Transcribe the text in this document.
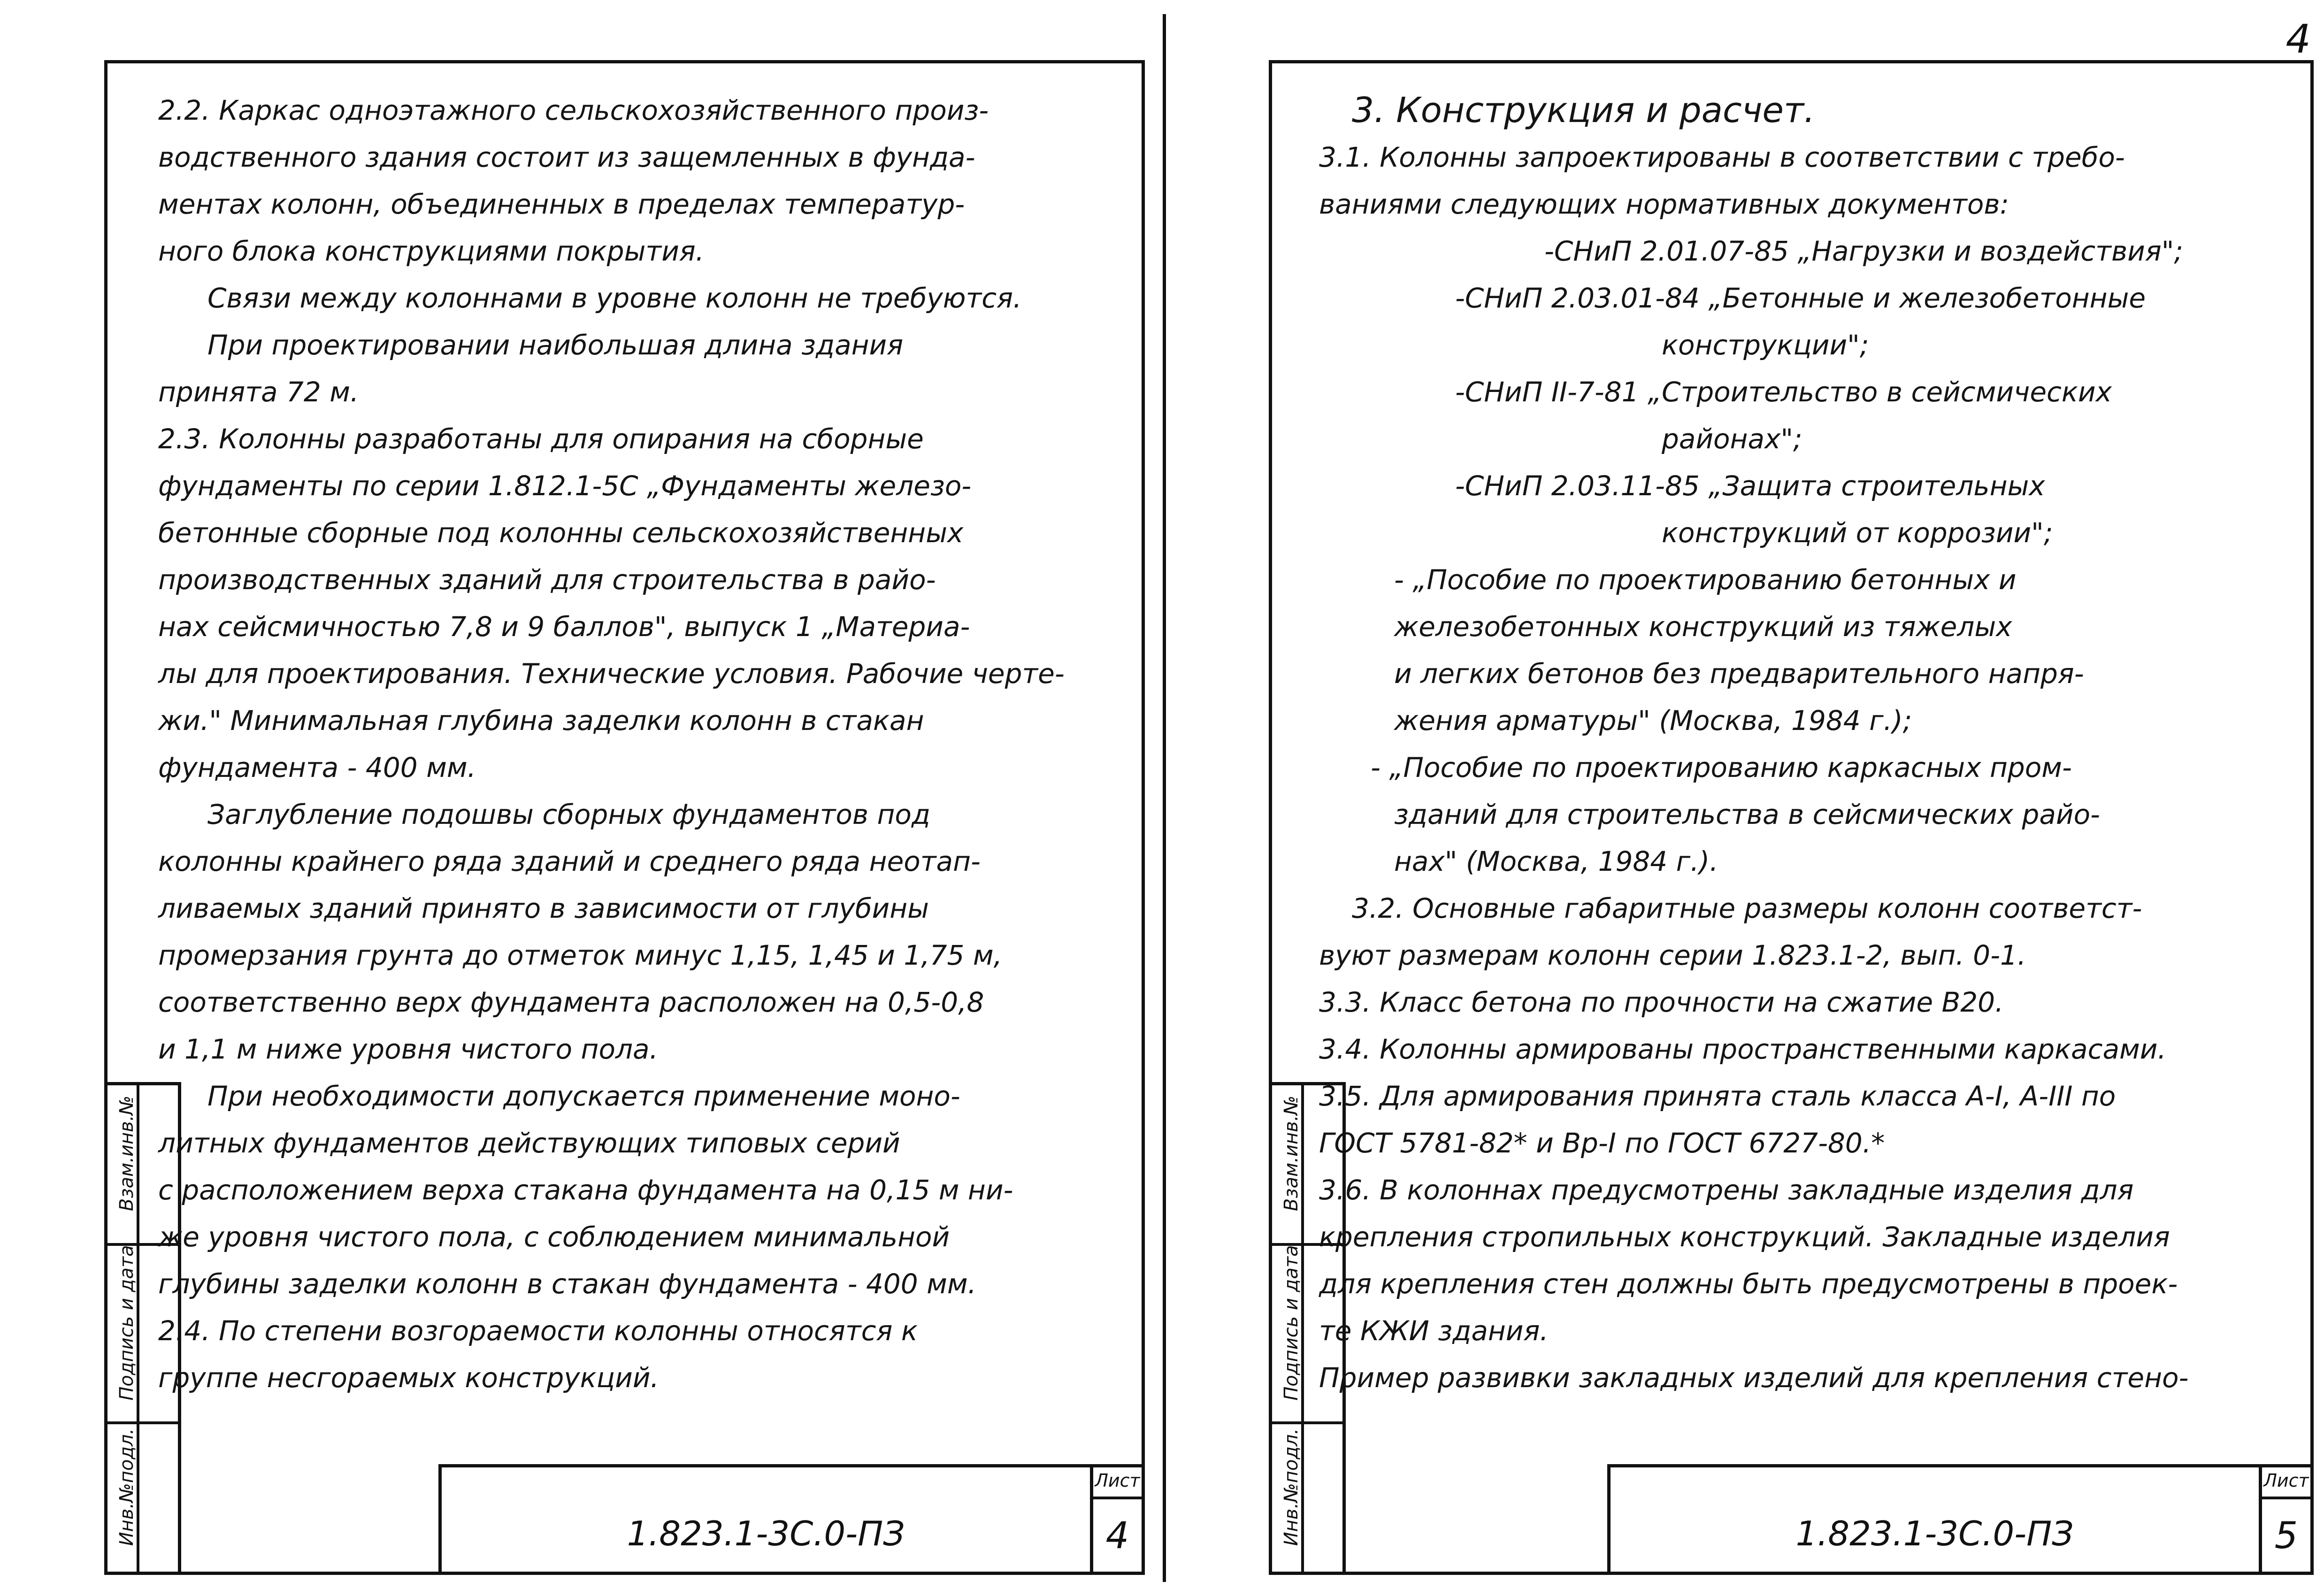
4
2.2. Каркас одноэтажного сельскохозяйственного произ-
водственного здания состоит из защемленных в фунда-
ментах колонн, объединенных в пределах температур-
ного блока конструкциями покрытия.
Связи между колоннами в уровне колонн не требуются.
При проектировании наибольшая длина здания
принята 72 м.
2.3. Колонны разработаны для опирания на сборные
фундаменты по серии 1.812.1-5С „Фундаменты железо-
бетонные сборные под колонны сельскохозяйственных
производственных зданий для строительства в райо-
нах сейсмичностью 7,8 и 9 баллов", выпуск 1 „Материа-
лы для проектирования. Технические условия. Рабочие черте-
жи." Минимальная глубина заделки колонн в стакан
фундамента - 400 мм.
Заглубление подошвы сборных фундаментов под
колонны крайнего ряда зданий и среднего ряда неотап-
ливаемых зданий принято в зависимости от глубины
промерзания грунта до отметок минус 1,15, 1,45 и 1,75 м,
соответственно верх фундамента расположен на 0,5-0,8
и 1,1 м ниже уровня чистого пола.
При необходимости допускается применение моно-
литных фундаментов действующих типовых серий
с расположением верха стакана фундамента на 0,15 м ни-
же уровня чистого пола, с соблюдением минимальной
глубины заделки колонн в стакан фундамента - 400 мм.
2.4. По степени возгораемости колонны относятся к
группе несгораемых конструкций.
Инв.№подл.
Подпись и дата
Взам.инв.№
1.823.1-3С.0-ПЗ
Лист
4
3. Конструкция и расчет.
3.1. Колонны запроектированы в соответствии с требо-
ваниями следующих нормативных документов:
-СНиП 2.01.07-85 „Нагрузки и воздействия";
-СНиП 2.03.01-84 „Бетонные и железобетонные
конструкции";
-СНиП II-7-81 „Строительство в сейсмических
районах";
-СНиП 2.03.11-85 „Защита строительных
конструкций от коррозии";
- „Пособие по проектированию бетонных и
железобетонных конструкций из тяжелых
и легких бетонов без предварительного напря-
жения арматуры" (Москва, 1984 г.);
- „Пособие по проектированию каркасных пром-
зданий для строительства в сейсмических райо-
нах" (Москва, 1984 г.).
3.2. Основные габаритные размеры колонн соответст-
вуют размерам колонн серии 1.823.1-2, вып. 0-1.
3.3. Класс бетона по прочности на сжатие В20.
3.4. Колонны армированы пространственными каркасами.
3.5. Для армирования принята сталь класса А-I, А-III по
ГОСТ 5781-82* и Вр-I по ГОСТ 6727-80.*
3.6. В колоннах предусмотрены закладные изделия для
крепления стропильных конструкций. Закладные изделия
для крепления стен должны быть предусмотрены в проек-
те КЖИ здания.
Пример развивки закладных изделий для крепления стено-
Инв.№подл.
Подпись и дата
Взам.инв.№
1.823.1-3С.0-ПЗ
Лист
5
